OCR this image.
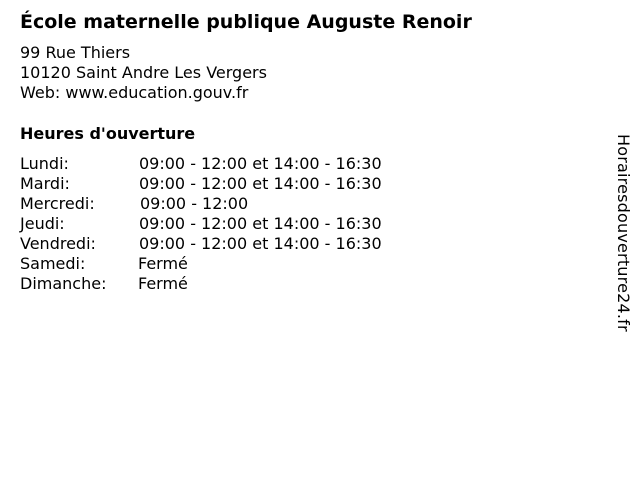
École maternelle publique Auguste Renoir
99 Rue Thiers
10120 Saint Andre Les Vergers
Web: www.education.gouv.fr
Heures d'ouverture
Lundi:	09:00 - 12:00 et 14:00 - 16:30
Mardi:	09:00 - 12:00 et 14:00 - 16:30
Mercredi:	09:00 - 12:00
Jeudi:	09:00 - 12:00 et 14:00 - 16:30
Vendredi:	09:00 - 12:00 et 14:00 - 16:30
Samedi:	Fermé
Dimanche: Fermé	Horairesdouverture24.fr
